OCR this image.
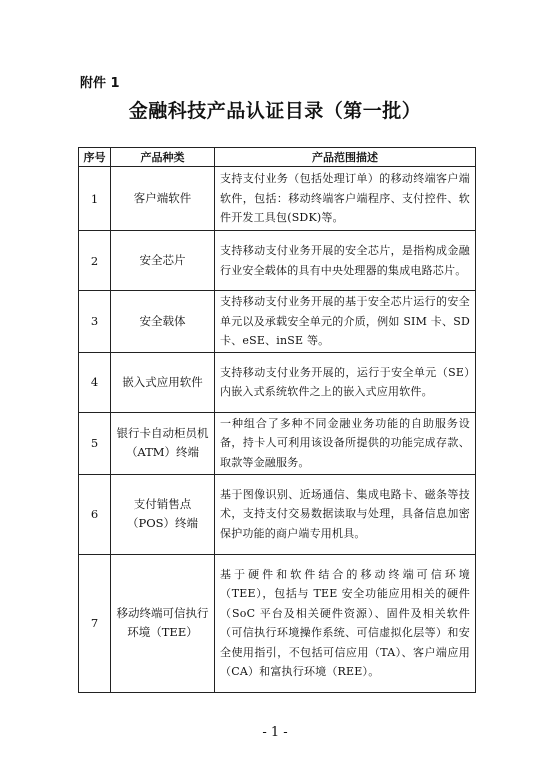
附件 1
金融科技产品认证目录（第一批）
序号	产品种类	产品范围描述
1	客户端软件	支持支付业务（包括处理订单）的移动终端客户端软件，包括：移动终端客户端程序、支付控件、软件开发工具包(SDK)等。
2	安全芯片	支持移动支付业务开展的安全芯片，是指构成金融行业安全载体的具有中央处理器的集成电路芯片。
3	安全载体	支持移动支付业务开展的基于安全芯片运行的安全单元以及承载安全单元的介质，例如 SIM 卡、SD 卡、eSE、inSE 等。
4	嵌入式应用软件	支持移动支付业务开展的，运行于安全单元（SE）内嵌入式系统软件之上的嵌入式应用软件。
5	银行卡自动柜员机（ATM）终端	一种组合了多种不同金融业务功能的自助服务设备，持卡人可利用该设备所提供的功能完成存款、取款等金融服务。
6	支付销售点（POS）终端	基于图像识别、近场通信、集成电路卡、磁条等技术，支持支付交易数据读取与处理，具备信息加密保护功能的商户端专用机具。
7	移动终端可信执行环境（TEE）	基于硬件和软件结合的移动终端可信环境（TEE），包括与 TEE 安全功能应用相关的硬件（SoC 平台及相关硬件资源）、固件及相关软件（可信执行环境操作系统、可信虚拟化层等）和安全使用指引，不包括可信应用（TA）、客户端应用（CA）和富执行环境（REE）。
- 1 -
